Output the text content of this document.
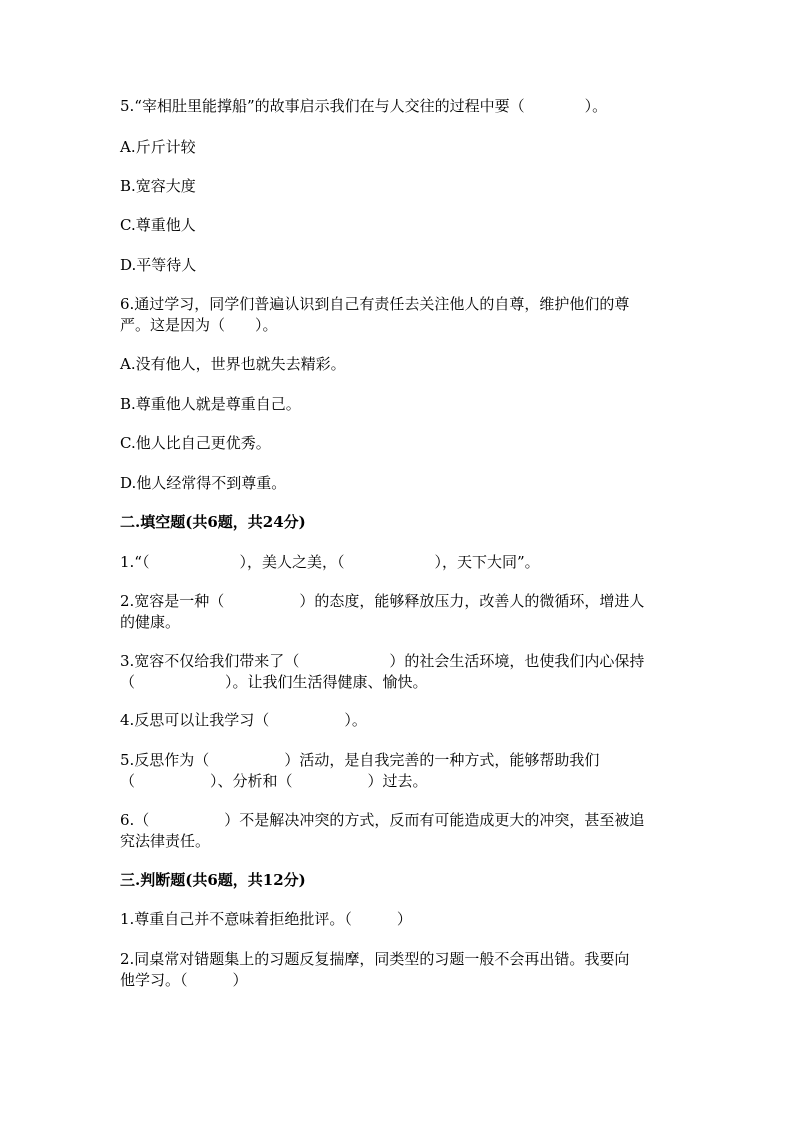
5.“宰相肚里能撑船”的故事启示我们在与人交往的过程中要（　　　　）。

A.斤斤计较

B.宽容大度

C.尊重他人

D.平等待人

6.通过学习，同学们普遍认识到自己有责任去关注他人的自尊，维护他们的尊

严。这是因为（　　）。

A.没有他人，世界也就失去精彩。

B.尊重他人就是尊重自己。

C.他人比自己更优秀。

D.他人经常得不到尊重。

二.填空题(共6题，共24分)

1.“（　　　　　　），美人之美，（　　　　　　），天下大同”。

2.宽容是一种（　　　　　）的态度，能够释放压力，改善人的微循环，增进人

的健康。

3.宽容不仅给我们带来了（　　　　　　）的社会生活环境，也使我们内心保持

（　　　　　　）。让我们生活得健康、愉快。

4.反思可以让我学习（　　　　　）。

5.反思作为（　　　　　）活动，是自我完善的一种方式，能够帮助我们

（　　　　　）、分析和（　　　　　）过去。

6.（　　　　　）不是解决冲突的方式，反而有可能造成更大的冲突，甚至被追

究法律责任。

三.判断题(共6题，共12分)

1.尊重自己并不意味着拒绝批评。（　　　）

2.同桌常对错题集上的习题反复揣摩，同类型的习题一般不会再出错。我要向

他学习。（　　　）
